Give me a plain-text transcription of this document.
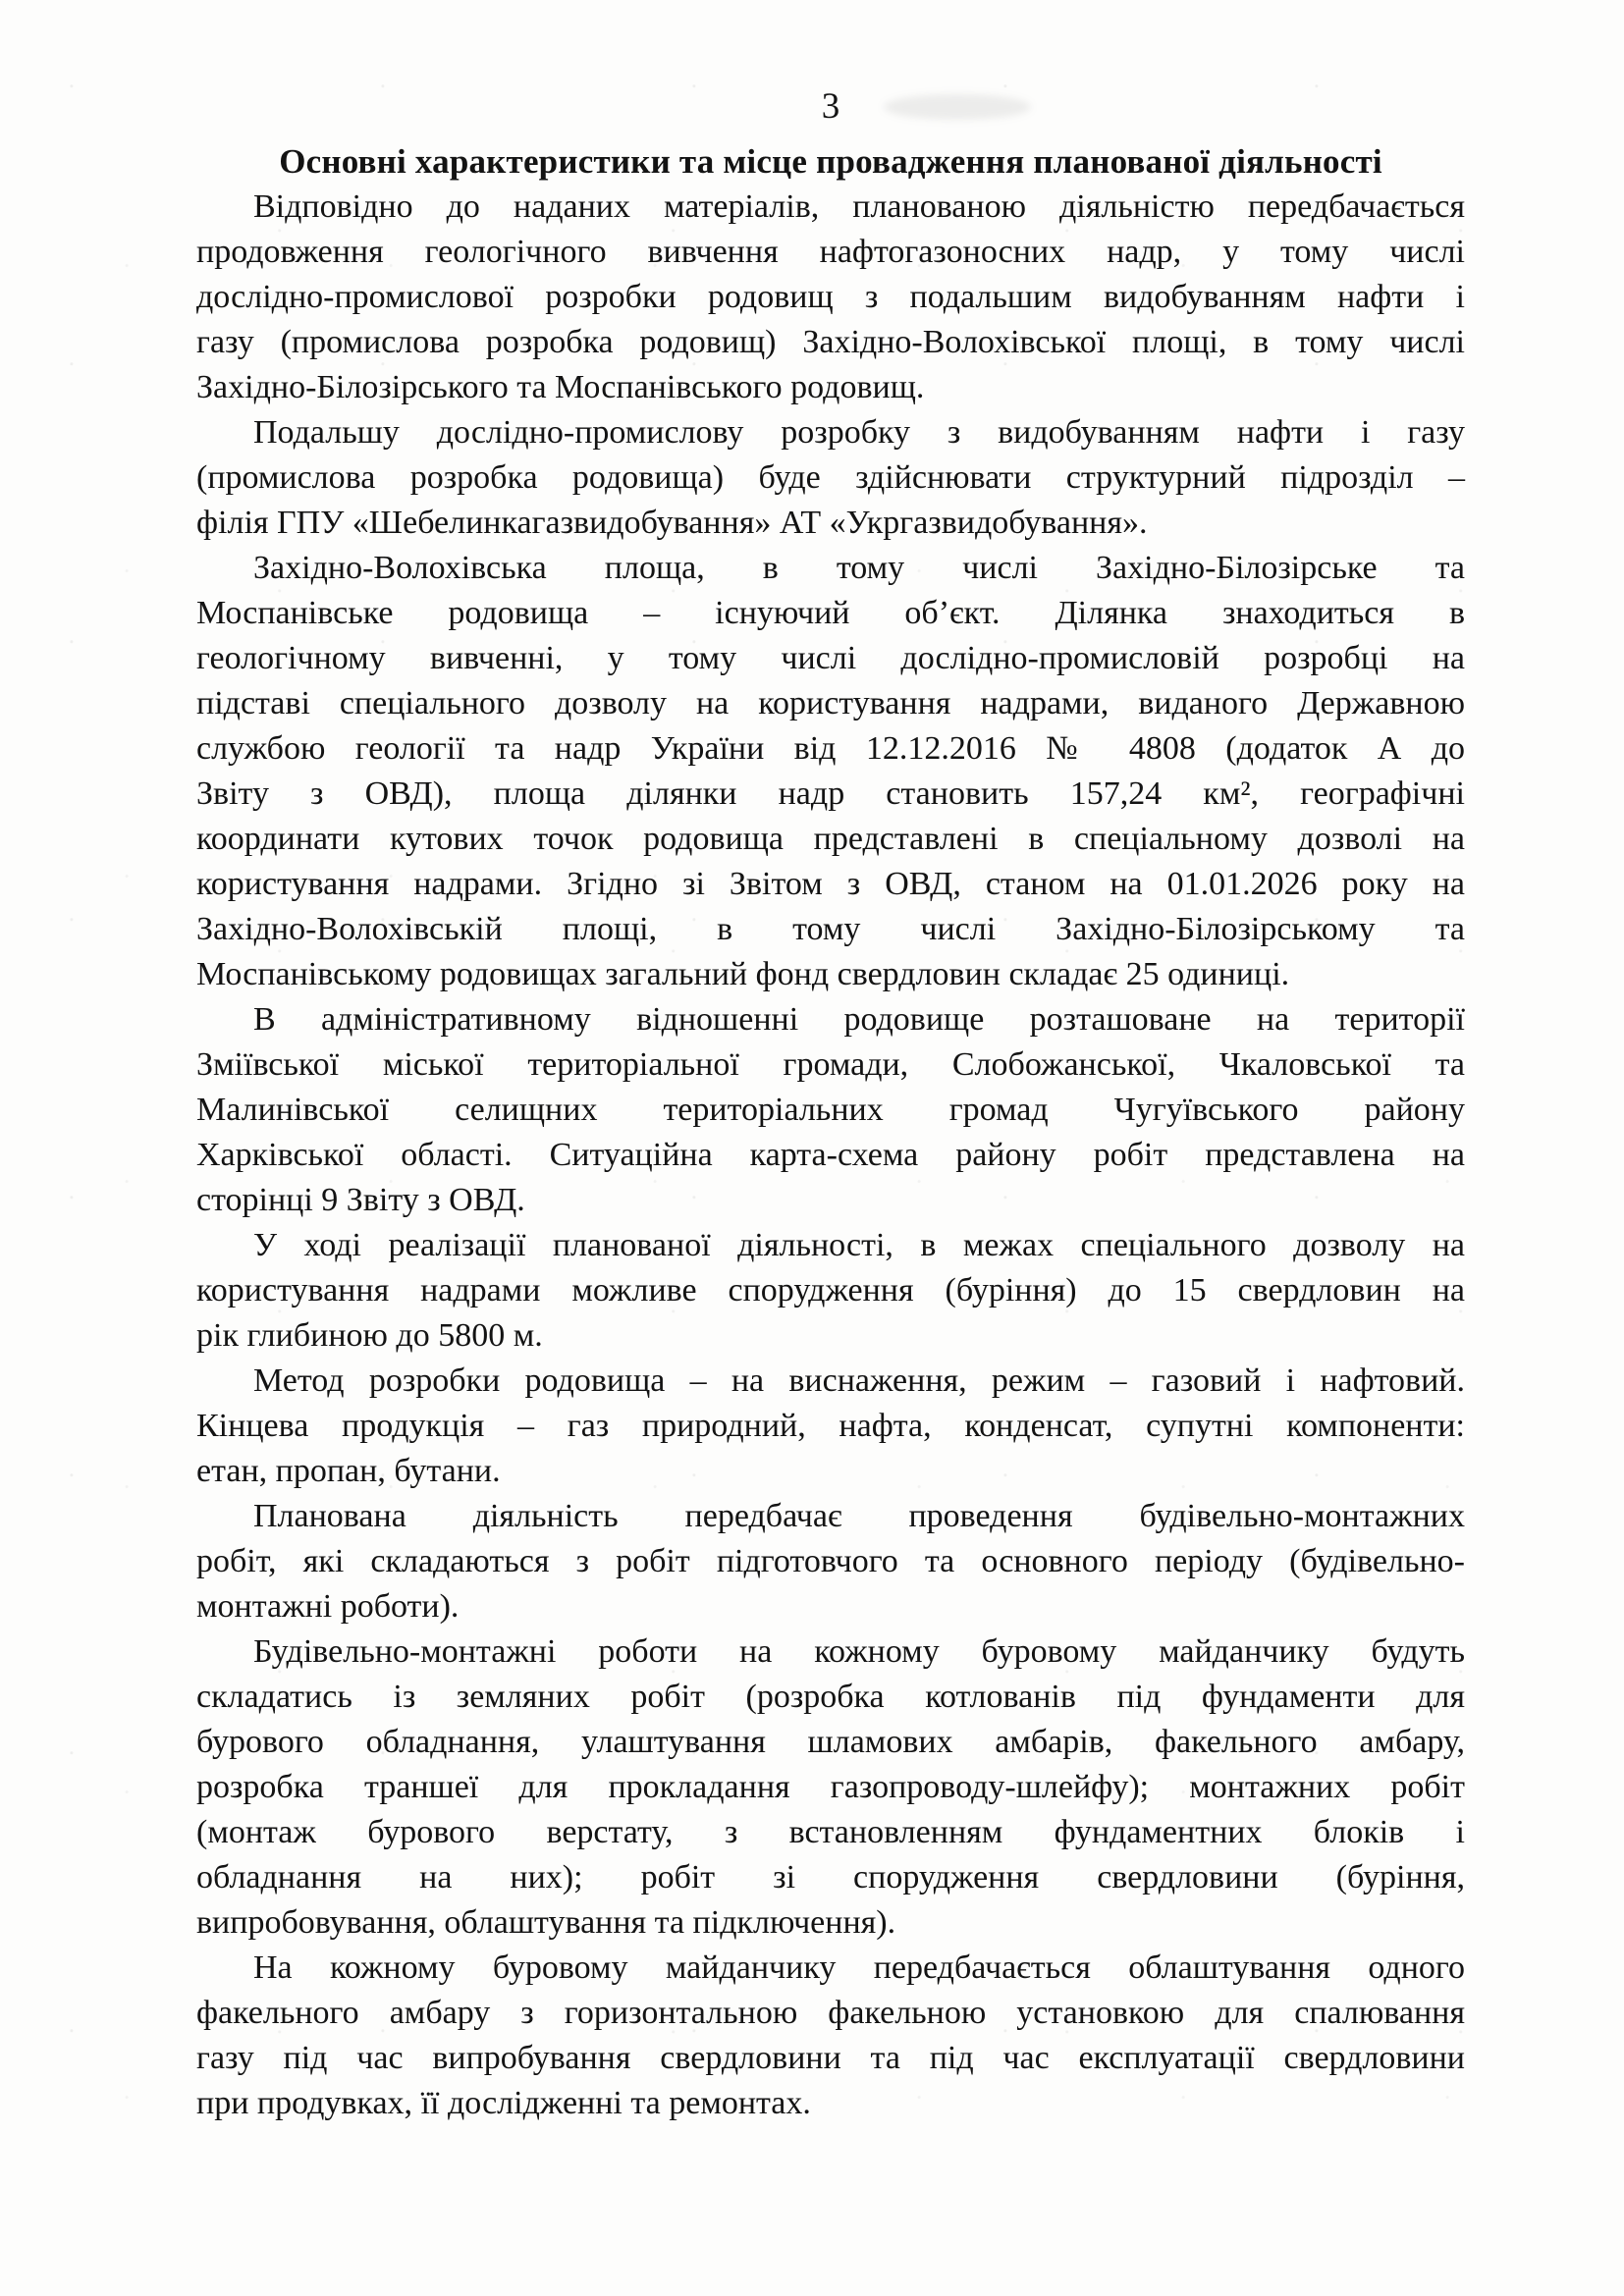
3
Основні характеристики та місце провадження планованої діяльності
Відповідно до наданих матеріалів, планованою діяльністю передбачається
продовження геологічного вивчення нафтогазоносних надр, у тому числі
дослідно-промислової розробки родовищ з подальшим видобуванням нафти і
газу (промислова розробка родовищ) Західно-Волохівської площі, в тому числі
Західно-Білозірського та Моспанівського родовищ.
Подальшу дослідно-промислову розробку з видобуванням нафти і газу
(промислова розробка родовища) буде здійснювати структурний підрозділ –
філія ГПУ «Шебелинкагазвидобування» АТ «Укргазвидобування».
Західно-Волохівська площа, в тому числі Західно-Білозірське та
Моспанівське родовища – існуючий об’єкт. Ділянка знаходиться в
геологічному вивченні, у тому числі дослідно-промисловій розробці на
підставі спеціального дозволу на користування надрами, виданого Державною
службою геології та надр України від 12.12.2016 № 4808 (додаток А до
Звіту з ОВД), площа ділянки надр становить 157,24 км², географічні
координати кутових точок родовища представлені в спеціальному дозволі на
користування надрами. Згідно зі Звітом з ОВД, станом на 01.01.2026 року на
Західно-Волохівській площі, в тому числі Західно-Білозірському та
Моспанівському родовищах загальний фонд свердловин складає 25 одиниці.
В адміністративному відношенні родовище розташоване на території
Зміївської міської територіальної громади, Слобожанської, Чкаловської та
Малинівської селищних територіальних громад Чугуївського району
Харківської області. Ситуаційна карта-схема району робіт представлена на
сторінці 9 Звіту з ОВД.
У ході реалізації планованої діяльності, в межах спеціального дозволу на
користування надрами можливе спорудження (буріння) до 15 свердловин на
рік глибиною до 5800 м.
Метод розробки родовища – на виснаження, режим – газовий і нафтовий.
Кінцева продукція – газ природний, нафта, конденсат, супутні компоненти:
етан, пропан, бутани.
Планована діяльність передбачає проведення будівельно-монтажних
робіт, які складаються з робіт підготовчого та основного періоду (будівельно-
монтажні роботи).
Будівельно-монтажні роботи на кожному буровому майданчику будуть
складатись із земляних робіт (розробка котлованів під фундаменти для
бурового обладнання, улаштування шламових амбарів, факельного амбару,
розробка траншеї для прокладання газопроводу-шлейфу); монтажних робіт
(монтаж бурового верстату, з встановленням фундаментних блоків і
обладнання на них); робіт зі спорудження свердловини (буріння,
випробовування, облаштування та підключення).
На кожному буровому майданчику передбачається облаштування одного
факельного амбару з горизонтальною факельною установкою для спалювання
газу під час випробування свердловини та під час експлуатації свердловини
при продувках, її дослідженні та ремонтах.
